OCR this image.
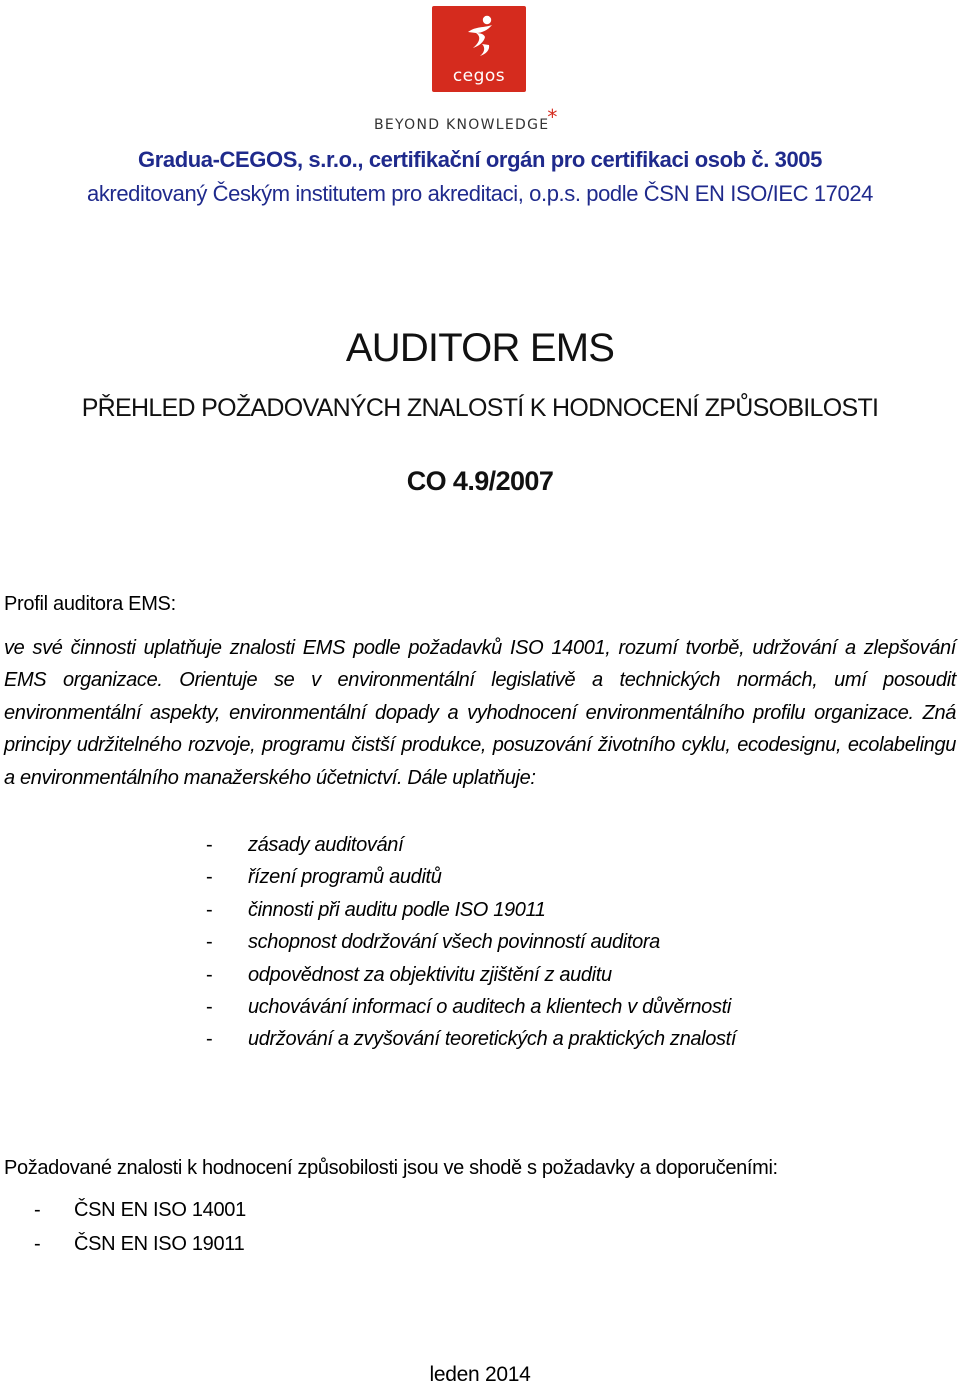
cegos
BEYOND KNOWLEDGE*
Gradua-CEGOS, s.r.o., certifikační orgán pro certifikaci osob č. 3005
akreditovaný Českým institutem pro akreditaci, o.p.s. podle ČSN EN ISO/IEC 17024
AUDITOR EMS
PŘEHLED POŽADOVANÝCH ZNALOSTÍ K HODNOCENÍ ZPŮSOBILOSTI
CO 4.9/2007
Profil auditora EMS:
ve své činnosti uplatňuje znalosti EMS podle požadavků ISO 14001, rozumí tvorbě, udržování a zlepšování EMS organizace. Orientuje se v environmentální legislativě a technických normách, umí posoudit environmentální aspekty, environmentální dopady a vyhodnocení environmentálního profilu organizace. Zná principy udržitelného rozvoje, programu čistší produkce, posuzování životního cyklu, ecodesignu, ecolabelingu a environmentálního manažerského účetnictví. Dále uplatňuje:
- zásady auditování
- řízení programů auditů
- činnosti při auditu podle ISO 19011
- schopnost dodržování všech povinností auditora
- odpovědnost za objektivitu zjištění z auditu
- uchovávání informací o auditech a klientech v důvěrnosti
- udržování a zvyšování teoretických a praktických znalostí
Požadované znalosti k hodnocení způsobilosti jsou ve shodě s požadavky a doporučeními:
- ČSN EN ISO 14001
- ČSN EN ISO 19011
leden 2014
